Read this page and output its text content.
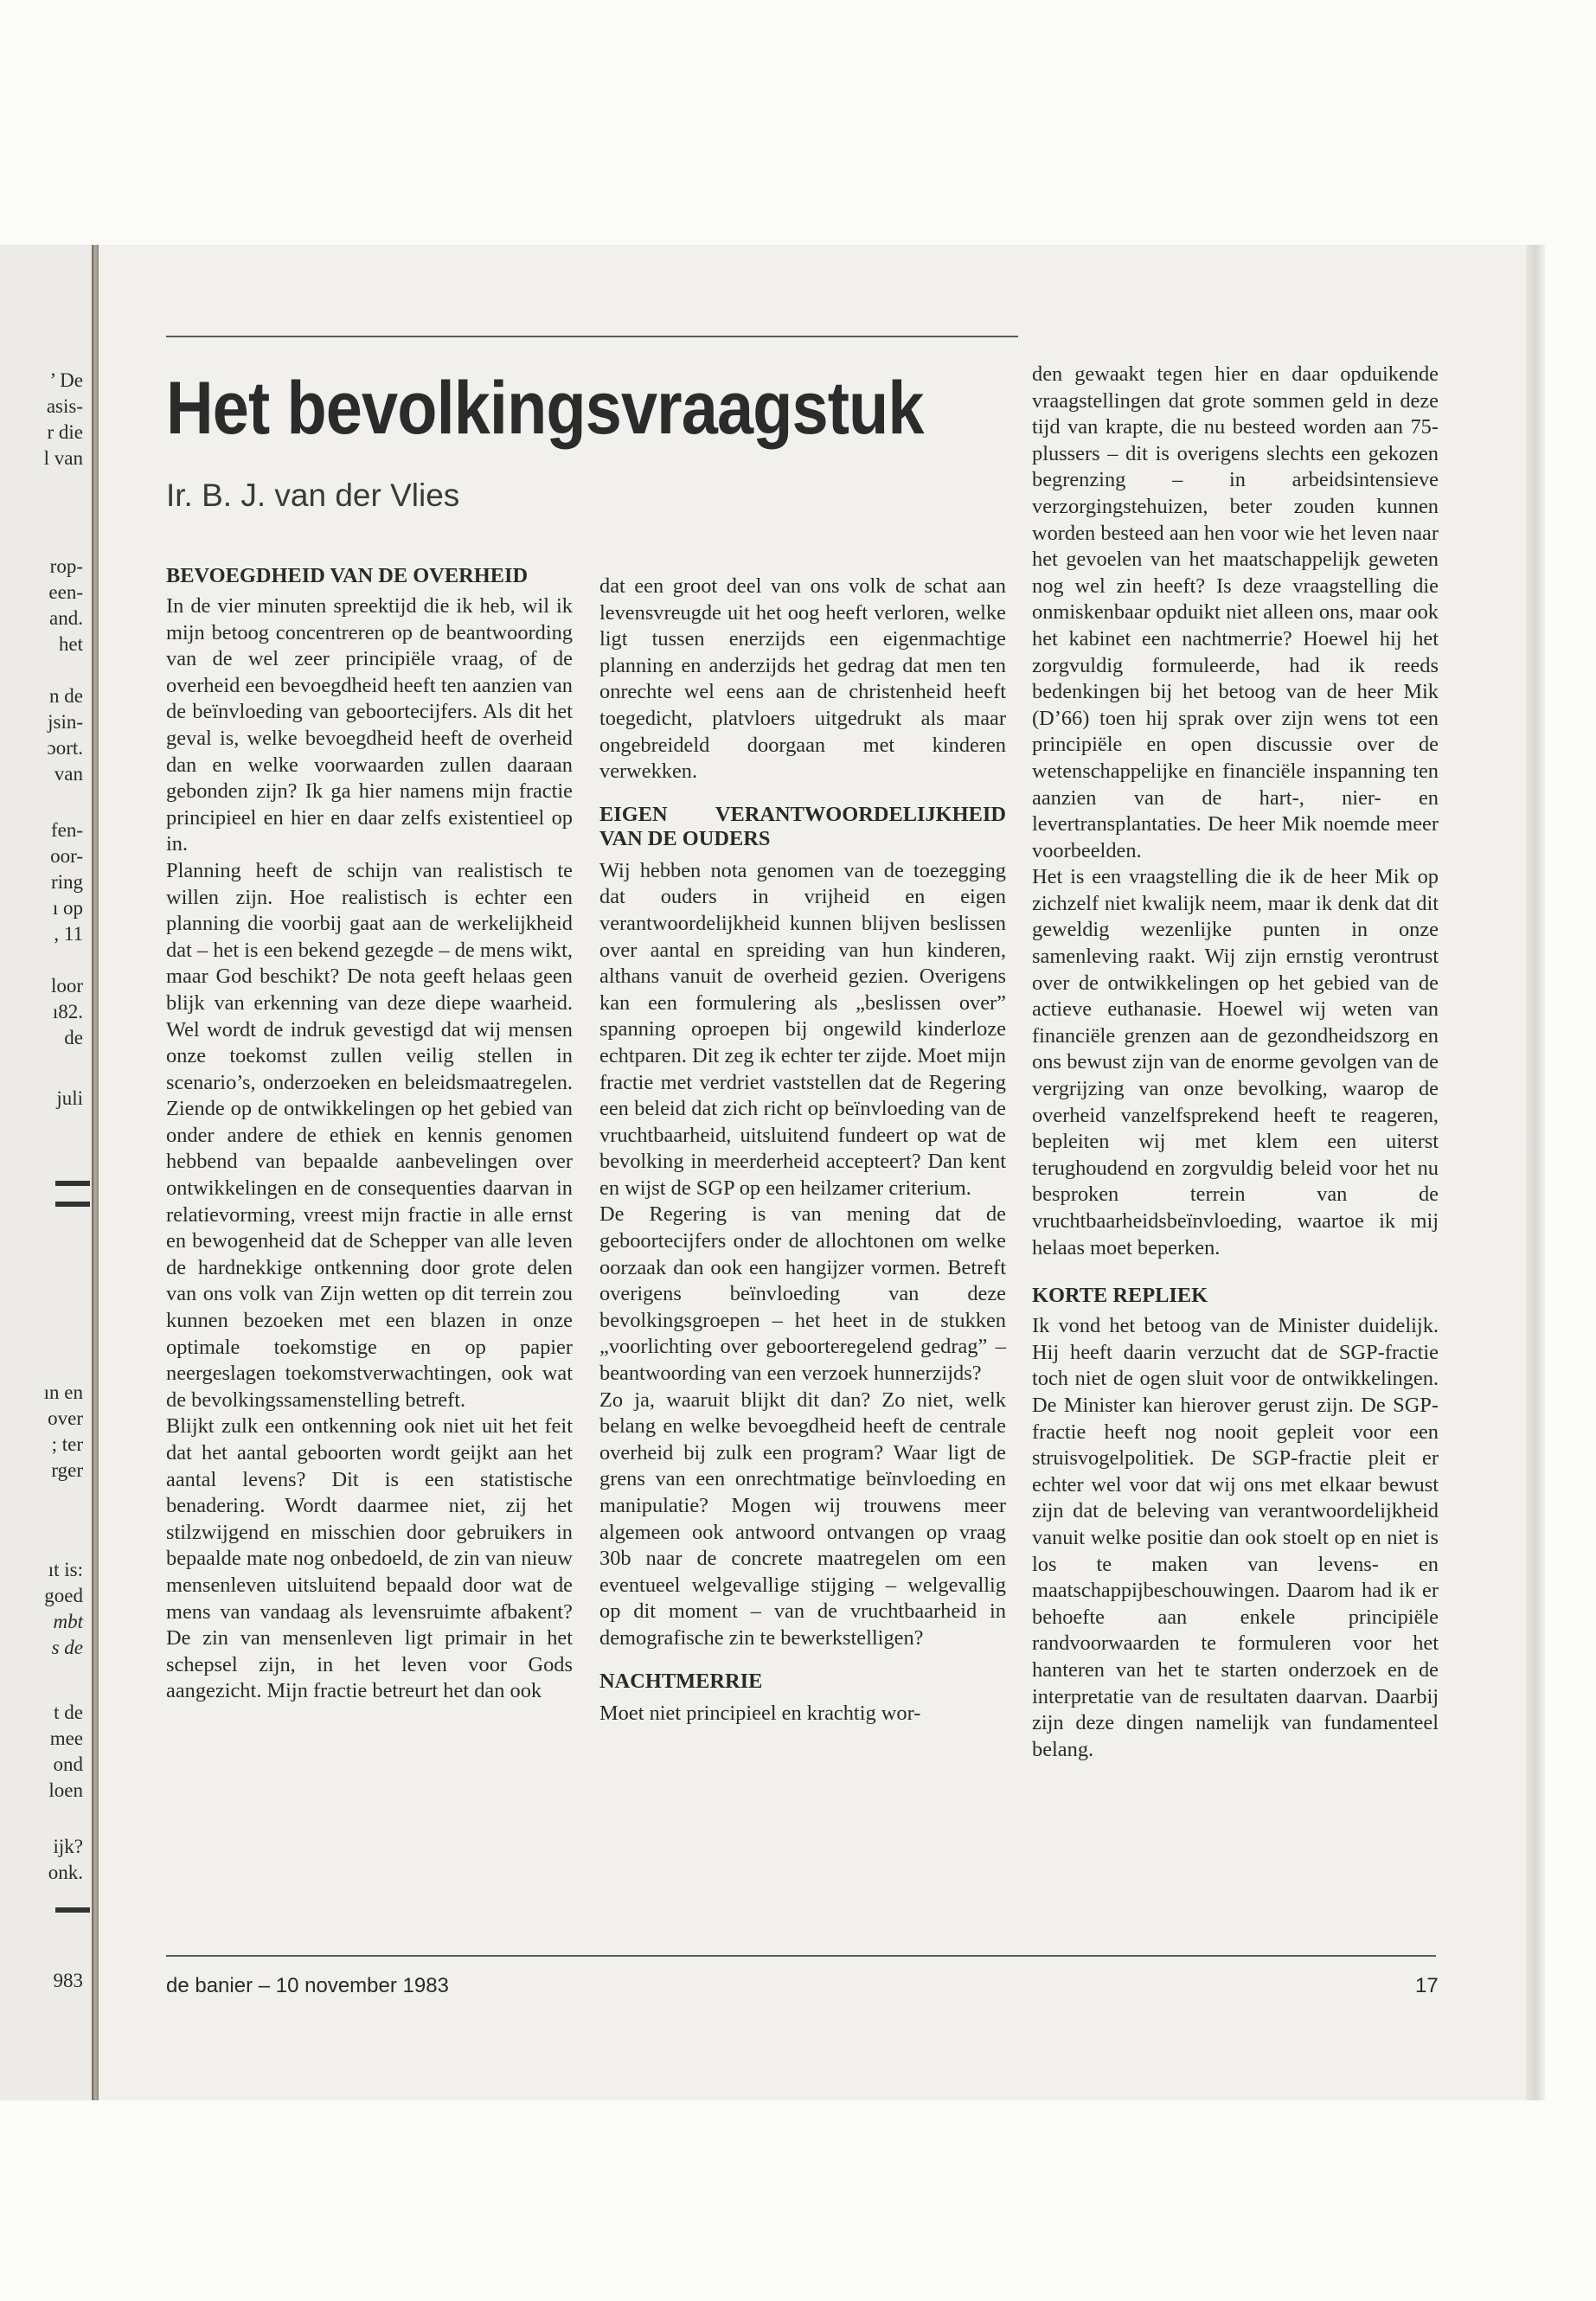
’ De
asis-
r die
l van
rop-
een-
and.
het
n de
jsin-
ɔort.
van
fen-
oor-
ring
ı op
, 11
loor
ı82.
de
juli
ın en
over
; ter
rger
ıt is:
goed
mbt
s de
t de
mee
ond
loen
ijk?
onk.
983
Het bevolkingsvraagstuk
Ir. B. J. van der Vlies
BEVOEGDHEID VAN DE OVERHEID

In de vier minuten spreektijd die ik heb, wil ik mijn betoog concentreren op de beantwoording van de wel zeer principiële vraag, of de overheid een bevoegdheid heeft ten aanzien van de beïnvloeding van geboortecijfers. Als dit het geval is, welke bevoegdheid heeft de overheid dan en welke voorwaarden zullen daaraan gebonden zijn? Ik ga hier namens mijn fractie principieel en hier en daar zelfs existentieel op in.

Planning heeft de schijn van realistisch te willen zijn. Hoe realistisch is echter een planning die voorbij gaat aan de werkelijkheid dat – het is een bekend gezegde – de mens wikt, maar God beschikt? De nota geeft helaas geen blijk van erkenning van deze diepe waarheid. Wel wordt de indruk gevestigd dat wij mensen onze toekomst zullen veilig stellen in scenario’s, onderzoeken en beleidsmaatregelen. Ziende op de ontwikkelingen op het gebied van onder andere de ethiek en kennis genomen hebbend van bepaalde aanbevelingen over ontwikkelingen en de consequenties daarvan in relatievorming, vreest mijn fractie in alle ernst en bewogenheid dat de Schepper van alle leven de hardnekkige ontkenning door grote delen van ons volk van Zijn wetten op dit terrein zou kunnen bezoeken met een blazen in onze optimale toekomstige en op papier neergeslagen toekomstverwachtingen, ook wat de bevolkingssamenstelling betreft.

Blijkt zulk een ontkenning ook niet uit het feit dat het aantal geboorten wordt geijkt aan het aantal levens? Dit is een statistische benadering. Wordt daarmee niet, zij het stilzwijgend en misschien door gebruikers in bepaalde mate nog onbedoeld, de zin van nieuw mensenleven uitsluitend bepaald door wat de mens van vandaag als levensruimte afbakent? De zin van mensenleven ligt primair in het schepsel zijn, in het leven voor Gods aangezicht. Mijn fractie betreurt het dan ook

dat een groot deel van ons volk de schat aan levensvreugde uit het oog heeft verloren, welke ligt tussen enerzijds een eigenmachtige planning en anderzijds het gedrag dat men ten onrechte wel eens aan de christenheid heeft toegedicht, platvloers uitgedrukt als maar ongebreideld doorgaan met kinderen verwekken.

EIGEN VERANTWOORDELIJKHEID VAN DE OUDERS

Wij hebben nota genomen van de toezegging dat ouders in vrijheid en eigen verantwoordelijkheid kunnen blijven beslissen over aantal en spreiding van hun kinderen, althans vanuit de overheid gezien. Overigens kan een formulering als „beslissen over” spanning oproepen bij ongewild kinderloze echtparen. Dit zeg ik echter ter zijde. Moet mijn fractie met verdriet vaststellen dat de Regering een beleid dat zich richt op beïnvloeding van de vruchtbaarheid, uitsluitend fundeert op wat de bevolking in meerderheid accepteert? Dan kent en wijst de SGP op een heilzamer criterium.

De Regering is van mening dat de geboortecijfers onder de allochtonen om welke oorzaak dan ook een hangijzer vormen. Betreft overigens beïnvloeding van deze bevolkingsgroepen – het heet in de stukken „voorlichting over geboorteregelend gedrag” – beantwoording van een verzoek hunnerzijds?

Zo ja, waaruit blijkt dit dan? Zo niet, welk belang en welke bevoegdheid heeft de centrale overheid bij zulk een program? Waar ligt de grens van een onrechtmatige beïnvloeding en manipulatie? Mogen wij trouwens meer algemeen ook antwoord ontvangen op vraag 30b naar de concrete maatregelen om een eventueel welgevallige stijging – welgevallig op dit moment – van de vruchtbaarheid in demografische zin te bewerkstelligen?

NACHTMERRIE

Moet niet principieel en krachtig wor-

den gewaakt tegen hier en daar opduikende vraagstellingen dat grote sommen geld in deze tijd van krapte, die nu besteed worden aan 75-plussers – dit is overigens slechts een gekozen begrenzing – in arbeidsintensieve verzorgingstehuizen, beter zouden kunnen worden besteed aan hen voor wie het leven naar het gevoelen van het maatschappelijk geweten nog wel zin heeft? Is deze vraagstelling die onmiskenbaar opduikt niet alleen ons, maar ook het kabinet een nachtmerrie? Hoewel hij het zorgvuldig formuleerde, had ik reeds bedenkingen bij het betoog van de heer Mik (D’66) toen hij sprak over zijn wens tot een principiële en open discussie over de wetenschappelijke en financiële inspanning ten aanzien van de hart-, nier- en levertransplantaties. De heer Mik noemde meer voorbeelden.

Het is een vraagstelling die ik de heer Mik op zichzelf niet kwalijk neem, maar ik denk dat dit geweldig wezenlijke punten in onze samenleving raakt. Wij zijn ernstig verontrust over de ontwikkelingen op het gebied van de actieve euthanasie. Hoewel wij weten van financiële grenzen aan de gezondheidszorg en ons bewust zijn van de enorme gevolgen van de vergrijzing van onze bevolking, waarop de overheid vanzelfsprekend heeft te reageren, bepleiten wij met klem een uiterst terughoudend en zorgvuldig beleid voor het nu besproken terrein van de vruchtbaarheidsbeïnvloeding, waartoe ik mij helaas moet beperken.

KORTE REPLIEK

Ik vond het betoog van de Minister duidelijk. Hij heeft daarin verzucht dat de SGP-fractie toch niet de ogen sluit voor de ontwikkelingen. De Minister kan hierover gerust zijn. De SGP-fractie heeft nog nooit gepleit voor een struisvogelpolitiek. De SGP-fractie pleit er echter wel voor dat wij ons met elkaar bewust zijn dat de beleving van verantwoordelijkheid vanuit welke positie dan ook stoelt op en niet is los te maken van levens- en maatschappijbeschouwingen. Daarom had ik er behoefte aan enkele principiële randvoorwaarden te formuleren voor het hanteren van het te starten onderzoek en de interpretatie van de resultaten daarvan. Daarbij zijn deze dingen namelijk van fundamenteel belang.

de banier – 10 november 1983	17
